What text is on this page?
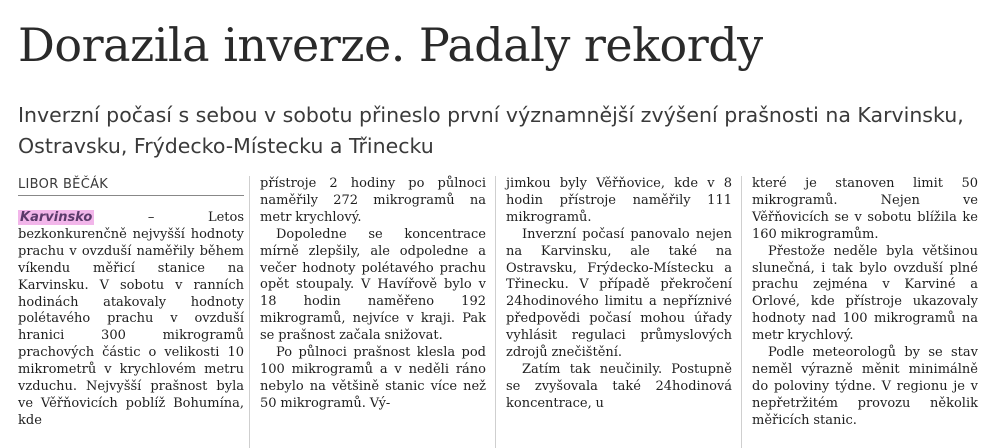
Dorazila inverze. Padaly rekordy
Inverzní počasí s sebou v sobotu přineslo první významnější zvýšení prašnosti na Karvinsku, Ostravsku, Frýdecko-Místecku a Třinecku
LIBOR BĚČÁK

Karvinsko – Letos bezkonkurenčně nejvyšší hodnoty prachu v ovzduší naměřily během víkendu měřicí stanice na Karvinsku. V sobotu v ranních hodinách atakovaly hodnoty polétavého prachu v ovzduší hranici 300 mikrogramů prachových částic o velikosti 10 mikrometrů v krychlovém metru vzduchu. Nejvyšší prašnost byla ve Věřňovicích poblíž Bohumína, kde

přístroje 2 hodiny po půlnoci naměřily 272 mikrogramů na metr krychlový.

Dopoledne se koncentrace mírně zlepšily, ale odpoledne a večer hodnoty polétavého prachu opět stoupaly. V Havířově bylo v 18 hodin naměřeno 192 mikrogramů, nejvíce v kraji. Pak se prašnost začala snižovat.

Po půlnoci prašnost klesla pod 100 mikrogramů a v neděli ráno nebylo na většině stanic více než 50 mikrogramů. Vý-

jimkou byly Věřňovice, kde v 8 hodin přístroje naměřily 111 mikrogramů.

Inverzní počasí panovalo nejen na Karvinsku, ale také na Ostravsku, Frýdecko-Místecku a Třinecku. V případě překročení 24hodinového limitu a nepříznivé předpovědi počasí mohou úřady vyhlásit regulaci průmyslových zdrojů znečištění.

Zatím tak neučinily. Postupně se zvyšovala také 24hodinová koncentrace, u

které je stanoven limit 50 mikrogramů. Nejen ve Věřňovicích se v sobotu blížila ke 160 mikrogramům.

Přestože neděle byla většinou slunečná, i tak bylo ovzduší plné prachu zejména v Karviné a Orlové, kde přístroje ukazovaly hodnoty nad 100 mikrogramů na metr krychlový.

Podle meteorologů by se stav neměl výrazně měnit minimálně do poloviny týdne. V regionu je v nepřetržitém provozu několik měřicích stanic.
